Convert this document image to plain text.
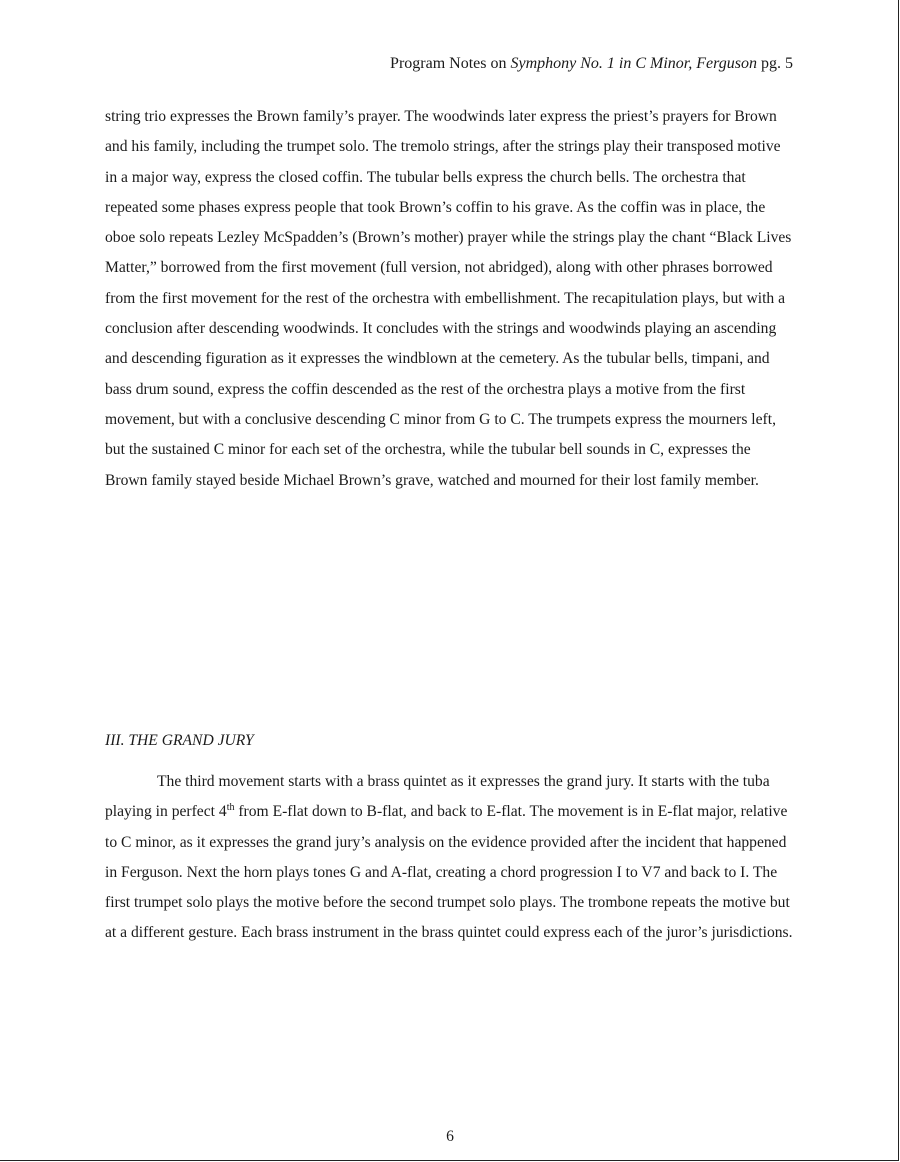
Program Notes on Symphony No. 1 in C Minor, Ferguson pg. 5

string trio expresses the Brown family’s prayer. The woodwinds later express the priest’s prayers for Brown and his family, including the trumpet solo. The tremolo strings, after the strings play their transposed motive in a major way, express the closed coffin. The tubular bells express the church bells. The orchestra that repeated some phases express people that took Brown’s coffin to his grave. As the coffin was in place, the oboe solo repeats Lezley McSpadden’s (Brown’s mother) prayer while the strings play the chant “Black Lives Matter,” borrowed from the first movement (full version, not abridged), along with other phrases borrowed from the first movement for the rest of the orchestra with embellishment. The recapitulation plays, but with a conclusion after descending woodwinds. It concludes with the strings and woodwinds playing an ascending and descending figuration as it expresses the windblown at the cemetery. As the tubular bells, timpani, and bass drum sound, express the coffin descended as the rest of the orchestra plays a motive from the first movement, but with a conclusive descending C minor from G to C. The trumpets express the mourners left, but the sustained C minor for each set of the orchestra, while the tubular bell sounds in C, expresses the Brown family stayed beside Michael Brown’s grave, watched and mourned for their lost family member.

III. THE GRAND JURY

The third movement starts with a brass quintet as it expresses the grand jury. It starts with the tuba playing in perfect 4th from E-flat down to B-flat, and back to E-flat. The movement is in E-flat major, relative to C minor, as it expresses the grand jury’s analysis on the evidence provided after the incident that happened in Ferguson. Next the horn plays tones G and A-flat, creating a chord progression I to V7 and back to I. The first trumpet solo plays the motive before the second trumpet solo plays. The trombone repeats the motive but at a different gesture. Each brass instrument in the brass quintet could express each of the juror’s jurisdictions.

6
